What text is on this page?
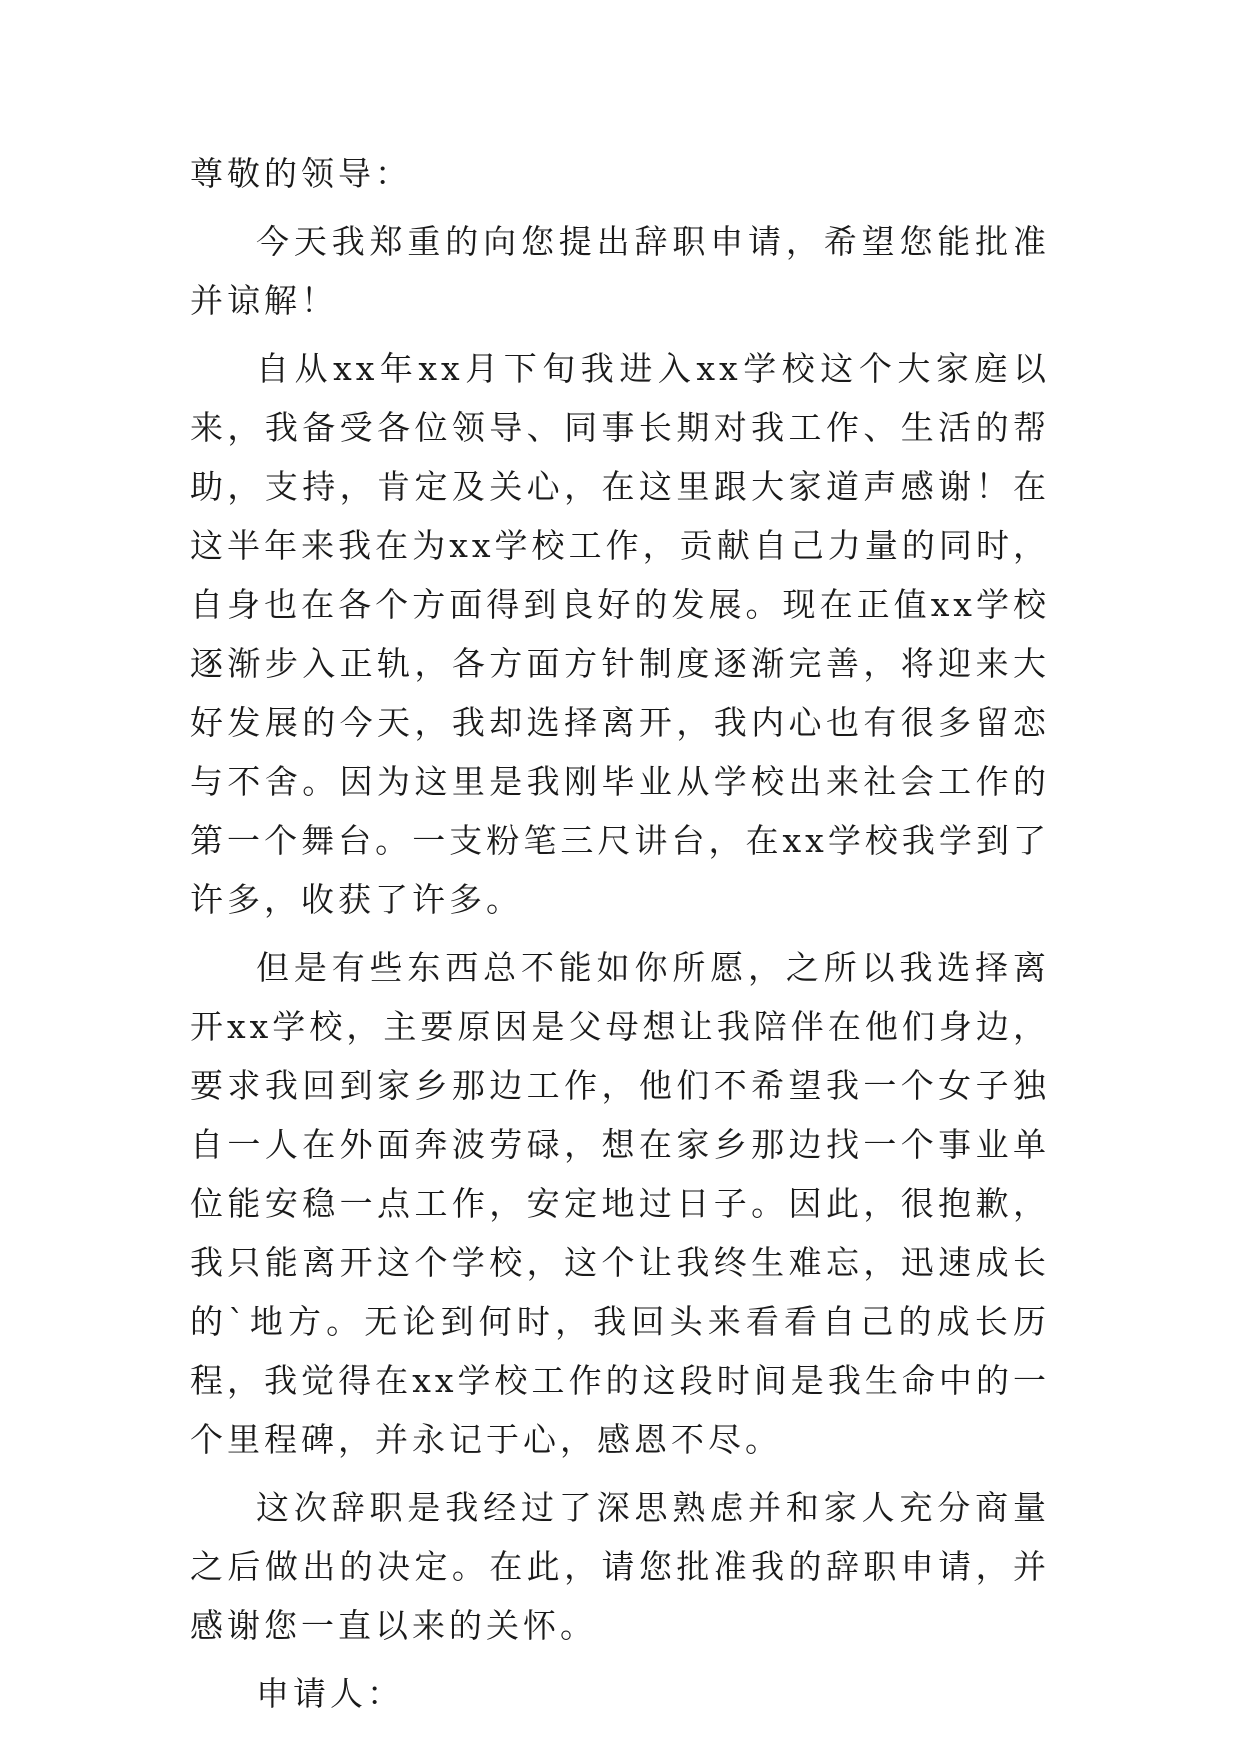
尊敬的领导：

今天我郑重的向您提出辞职申请，希望您能批准并谅解！

自从xx年xx月下旬我进入xx学校这个大家庭以来，我备受各位领导、同事长期对我工作、生活的帮助，支持，肯定及关心，在这里跟大家道声感谢！在这半年来我在为xx学校工作，贡献自己力量的同时，自身也在各个方面得到良好的发展。现在正值xx学校逐渐步入正轨，各方面方针制度逐渐完善，将迎来大好发展的今天，我却选择离开，我内心也有很多留恋与不舍。因为这里是我刚毕业从学校出来社会工作的第一个舞台。一支粉笔三尺讲台，在xx学校我学到了许多，收获了许多。

但是有些东西总不能如你所愿，之所以我选择离开xx学校，主要原因是父母想让我陪伴在他们身边，要求我回到家乡那边工作，他们不希望我一个女子独自一人在外面奔波劳碌，想在家乡那边找一个事业单位能安稳一点工作，安定地过日子。因此，很抱歉，我只能离开这个学校，这个让我终生难忘，迅速成长的`地方。无论到何时，我回头来看看自己的成长历程，我觉得在xx学校工作的这段时间是我生命中的一个里程碑，并永记于心，感恩不尽。

这次辞职是我经过了深思熟虑并和家人充分商量之后做出的决定。在此，请您批准我的辞职申请，并感谢您一直以来的关怀。

申请人：
